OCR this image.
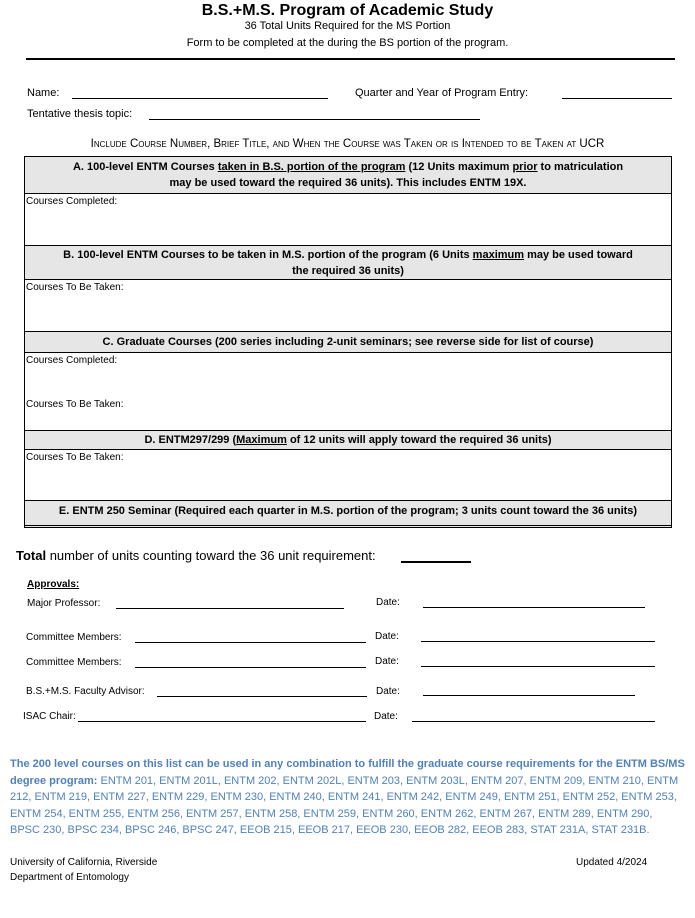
B.S.+M.S. Program of Academic Study
36 Total Units Required for the MS Portion
Form to be completed at the during the BS portion of the program.
Name:	Quarter and Year of Program Entry:
Tentative thesis topic:
Include Course Number, Brief Title, and When the Course was Taken or is Intended to be Taken at UCR
A. 100-level ENTM Courses taken in B.S. portion of the program (12 Units maximum prior to matriculation
may be used toward the required 36 units). This includes ENTM 19X.
Courses Completed:
B. 100-level ENTM Courses to be taken in M.S. portion of the program (6 Units maximum may be used toward
the required 36 units)
Courses To Be Taken:
C. Graduate Courses (200 series including 2-unit seminars; see reverse side for list of course)
Courses Completed:
Courses To Be Taken:
D. ENTM297/299 (Maximum of 12 units will apply toward the required 36 units)
Courses To Be Taken:
E. ENTM 250 Seminar (Required each quarter in M.S. portion of the program; 3 units count toward the 36 units)
Total number of units counting toward the 36 unit requirement:
Approvals:
Major Professor:	Date:
Committee Members:	Date:
Committee Members:	Date:
B.S.+M.S. Faculty Advisor:	Date:
ISAC Chair:	Date:
The 200 level courses on this list can be used in any combination to fulfill the graduate course requirements for the ENTM BS/MS degree program: ENTM 201, ENTM 201L, ENTM 202, ENTM 202L, ENTM 203, ENTM 203L, ENTM 207, ENTM 209, ENTM 210, ENTM 212, ENTM 219, ENTM 227, ENTM 229, ENTM 230, ENTM 240, ENTM 241, ENTM 242, ENTM 249, ENTM 251, ENTM 252, ENTM 253, ENTM 254, ENTM 255, ENTM 256, ENTM 257, ENTM 258, ENTM 259, ENTM 260, ENTM 262, ENTM 267, ENTM 289, ENTM 290, BPSC 230, BPSC 234, BPSC 246, BPSC 247, EEOB 215, EEOB 217, EEOB 230, EEOB 282, EEOB 283, STAT 231A, STAT 231B.
University of California, Riverside
Department of Entomology
Updated 4/2024
